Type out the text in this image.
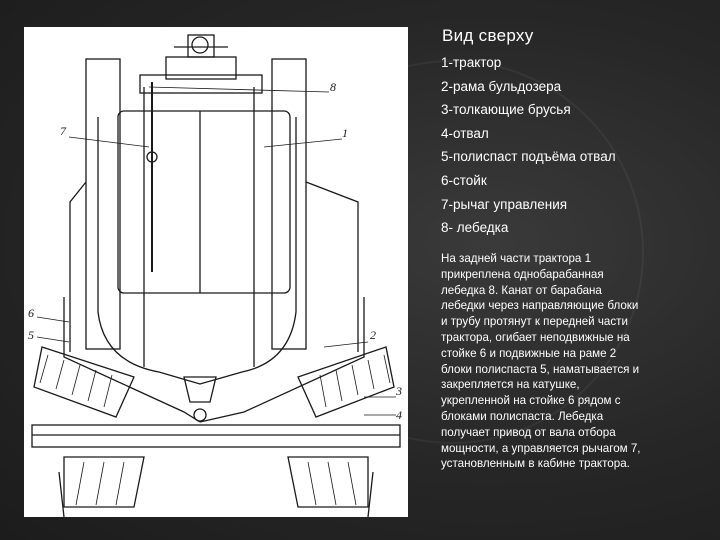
8
7	1
6
5	2
3
4
Вид сверху
1-трактор
2-рама бульдозера
3-толкающие брусья
4-отвал
5-полиспаст подъёма отвал
6-стойк
7-рычаг управления
8- лебедка
На задней части трактора 1
прикреплена однобарабанная
лебедка 8. Канат от барабана
лебедки через направляющие блоки
и трубу протянут к передней части
трактора, огибает неподвижные на
стойке 6 и подвижные на раме 2
блоки полиспаста 5, наматывается и
закрепляется на катушке,
укрепленной на стойке 6 рядом с
блоками полиспаста. Лебедка
получает привод от вала отбора
мощности, а управляется рычагом 7,
установленным в кабине трактора.
